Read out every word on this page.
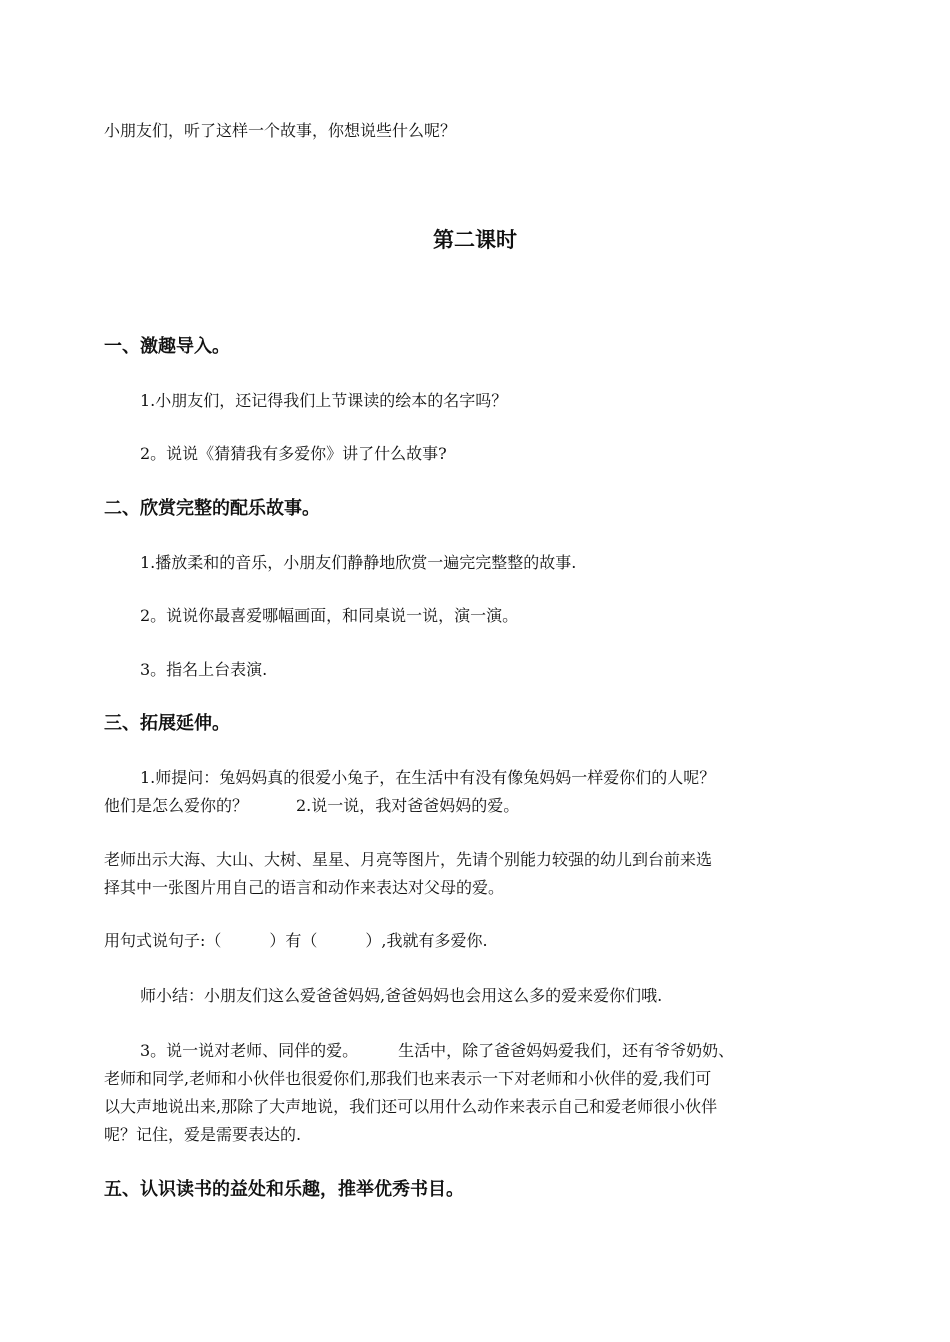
小朋友们，听了这样一个故事，你想说些什么呢？
第二课时
一、激趣导入。
1.小朋友们，还记得我们上节课读的绘本的名字吗？
2。说说《猜猜我有多爱你》讲了什么故事?
二、欣赏完整的配乐故事。
1.播放柔和的音乐，小朋友们静静地欣赏一遍完完整整的故事.
2。说说你最喜爱哪幅画面，和同桌说一说，演一演。
3。指名上台表演.
三、拓展延伸。
1.师提问：兔妈妈真的很爱小兔子，在生活中有没有像兔妈妈一样爱你们的人呢？
他们是怎么爱你的？　　　2.说一说，我对爸爸妈妈的爱。
老师出示大海、大山、大树、星星、月亮等图片，先请个别能力较强的幼儿到台前来选
择其中一张图片用自己的语言和动作来表达对父母的爱。
用句式说句子:（　　　）有（　　　）,我就有多爱你.
师小结：小朋友们这么爱爸爸妈妈,爸爸妈妈也会用这么多的爱来爱你们哦.
3。说一说对老师、同伴的爱。　　　生活中，除了爸爸妈妈爱我们，还有爷爷奶奶、
老师和同学,老师和小伙伴也很爱你们,那我们也来表示一下对老师和小伙伴的爱,我们可
以大声地说出来,那除了大声地说，我们还可以用什么动作来表示自己和爱老师很小伙伴
呢？记住，爱是需要表达的.
五、认识读书的益处和乐趣，推举优秀书目。
